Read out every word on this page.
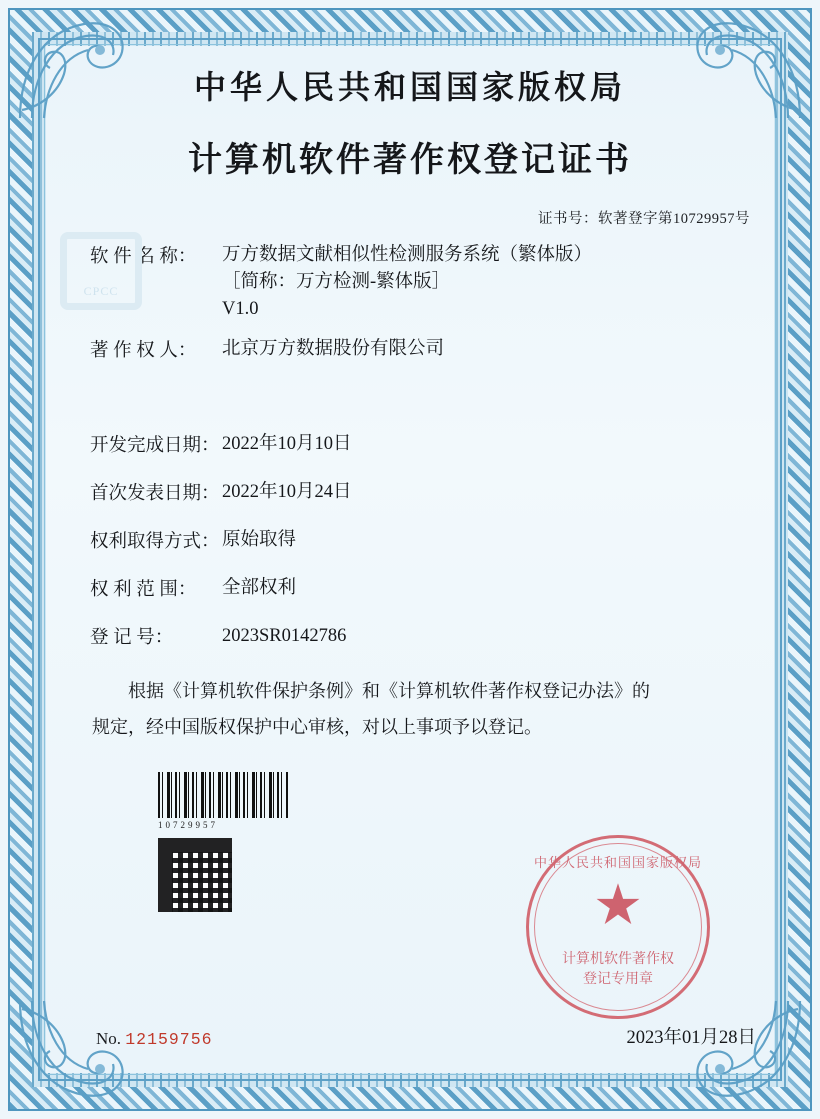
中华人民共和国国家版权局
计算机软件著作权登记证书
证书号：软著登字第10729957号
CPCC
软 件 名 称：	万方数据文献相似性检测服务系统（繁体版）
［简称：万方检测-繁体版］
V1.0
著 作 权 人：	北京万方数据股份有限公司
开发完成日期： 2022年10月10日
首次发表日期： 2022年10月24日
权利取得方式： 原始取得
权 利 范 围：	全部权利
登 记 号：	2023SR0142786
根据《计算机软件保护条例》和《计算机软件著作权登记办法》的
规定，经中国版权保护中心审核，对以上事项予以登记。
10729957
No. 12159756	2023年01月28日
中华人民共和国国家版权局
★
计算机软件著作权
登记专用章
